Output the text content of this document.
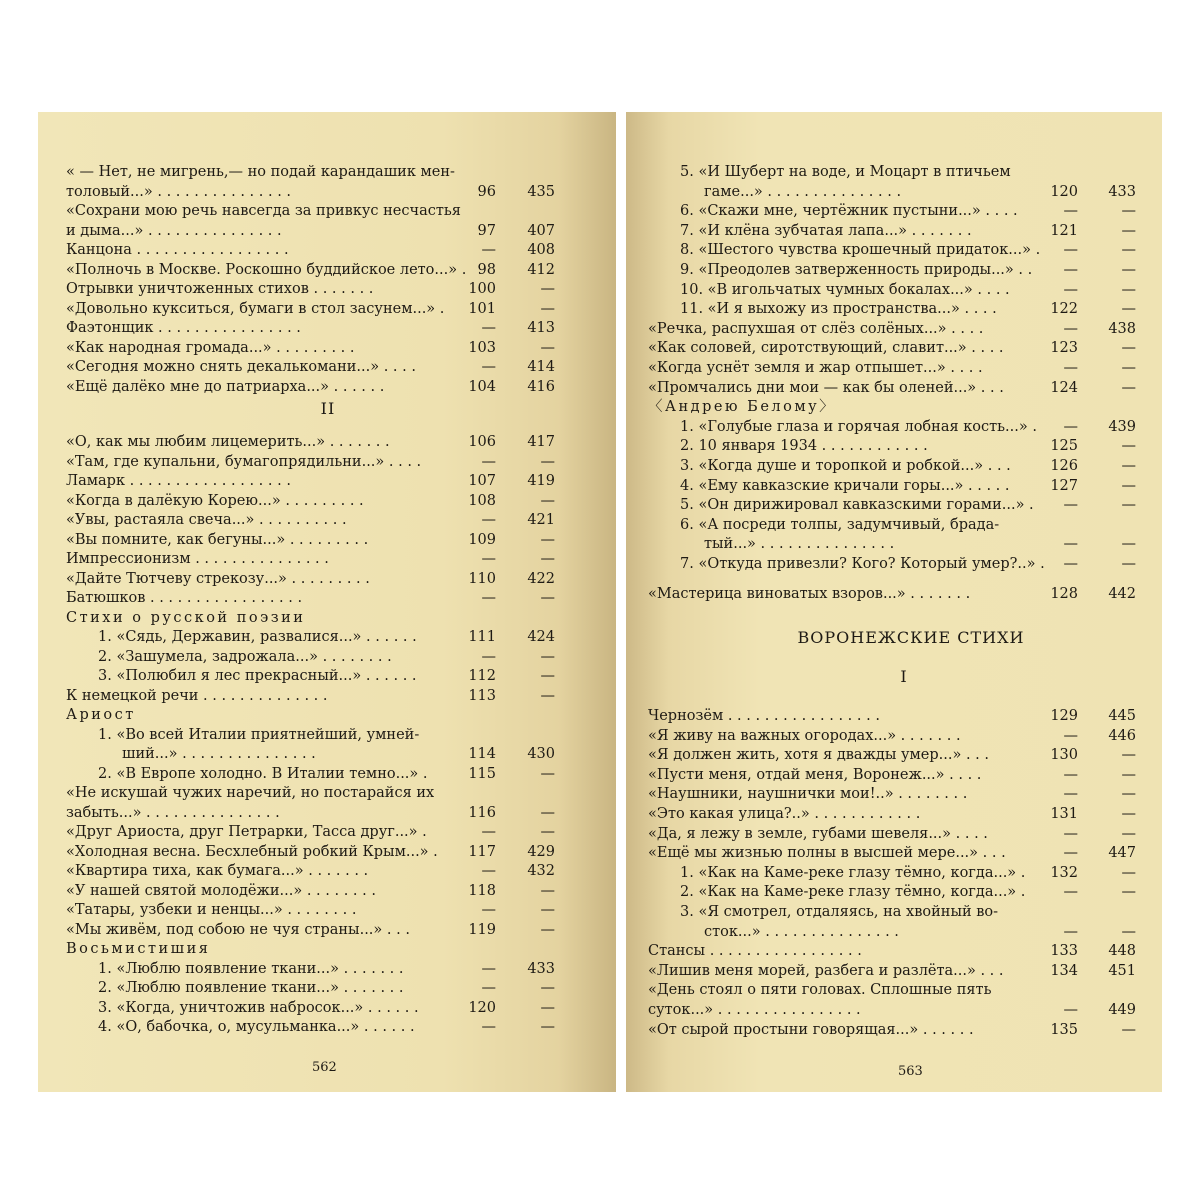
« — Нет, не мигрень,— но подай карандашик мен-
толовый...» . . . . . . . . . . . . . . .	96	435
«Сохрани мою речь навсегда за привкус несчастья
и дыма...» . . . . . . . . . . . . . . .	97	407
Канцона . . . . . . . . . . . . . . . . .	—	408
«Полночь в Москве. Роскошно буддийское лето...» . 98	412
Отрывки уничтоженных стихов . . . . . . .	100	—
«Довольно кукситься, бумаги в стол засунем...» .	101	—
Фаэтонщик . . . . . . . . . . . . . . . .	—	413
«Как народная громада...» . . . . . . . . .	103	—
«Сегодня можно снять декалькомани...» . . . .	—	414
«Ещё далёко мне до патриарха...» . . . . . .	104	416
II
«О, как мы любим лицемерить...» . . . . . . .	106	417
«Там, где купальни, бумагопрядильни...» . . . .	—	—
Ламарк . . . . . . . . . . . . . . . . . .	107	419
«Когда в далёкую Корею...» . . . . . . . . .	108	—
«Увы, растаяла свеча...» . . . . . . . . . .	—	421
«Вы помните, как бегуны...» . . . . . . . . .	109	—
Импрессионизм . . . . . . . . . . . . . . .	—	—
«Дайте Тютчеву стрекозу...» . . . . . . . . .	110	422
Батюшков . . . . . . . . . . . . . . . . .	—	—
Стихи о русской поэзии
1. «Сядь, Державин, развалися...» . . . . . .	111	424
2. «Зашумела, задрожала...» . . . . . . . .	—	—
3. «Полюбил я лес прекрасный...» . . . . . .	112	—
К немецкой речи . . . . . . . . . . . . . .	113	—
Ариост
1. «Во всей Италии приятнейший, умней-
ший...» . . . . . . . . . . . . . . .	114	430
2. «В Европе холодно. В Италии темно...» .	115	—
«Не искушай чужих наречий, но постарайся их
забыть...» . . . . . . . . . . . . . . .	116	—
«Друг Ариоста, друг Петрарки, Тасса друг...» .	—	—
«Холодная весна. Бесхлебный робкий Крым...» .	117	429
«Квартира тиха, как бумага...» . . . . . . .	—	432
«У нашей святой молодёжи...» . . . . . . . .	118	—
«Татары, узбеки и ненцы...» . . . . . . . .	—	—
«Мы живём, под собою не чуя страны...» . . .	119	—
Восьмистишия
1. «Люблю появление ткани...» . . . . . . .	—	433
2. «Люблю появление ткани...» . . . . . . .	—	—
3. «Когда, уничтожив набросок...» . . . . . .	120	—
4. «О, бабочка, о, мусульманка...» . . . . . .	—	—
562
5. «И Шуберт на воде, и Моцарт в птичьем
гаме...» . . . . . . . . . . . . . . .	120	433
6. «Скажи мне, чертёжник пустыни...» . . . .	—	—
7. «И клёна зубчатая лапа...» . . . . . . .	121	—
8. «Шестого чувства крошечный придаток...» .	—	—
9. «Преодолев затверженность природы...» . .	—	—
10. «В игольчатых чумных бокалах...» . . . .	—	—
11. «И я выхожу из пространства...» . . . .	122	—
«Речка, распухшая от слёз солёных...» . . . .	—	438
«Как соловей, сиротствующий, славит...» . . . .	123	—
«Когда уснёт земля и жар отпышет...» . . . .	—	—
«Промчались дни мои — как бы оленей...» . . .	124	—
〈Андрею Белому〉
1. «Голубые глаза и горячая лобная кость...» .	—	439
2. 10 января 1934 . . . . . . . . . . . .	125	—
3. «Когда душе и торопкой и робкой...» . . .	126	—
4. «Ему кавказские кричали горы...» . . . . .	127	—
5. «Он дирижировал кавказскими горами...» .	—	—
6. «А посреди толпы, задумчивый, брада-
тый...» . . . . . . . . . . . . . . .	—	—
7. «Откуда привезли? Кого? Который умер?..» .	—	—
«Мастерица виноватых взоров...» . . . . . . .	128	442
ВОРОНЕЖСКИЕ СТИХИ
I
Чернозём . . . . . . . . . . . . . . . . .	129	445
«Я живу на важных огородах...» . . . . . . .	—	446
«Я должен жить, хотя я дважды умер...» . . .	130	—
«Пусти меня, отдай меня, Воронеж...» . . . .	—	—
«Наушники, наушнички мои!..» . . . . . . . .	—	—
«Это какая улица?..» . . . . . . . . . . . .	131	—
«Да, я лежу в земле, губами шевеля...» . . . .	—	—
«Ещё мы жизнью полны в высшей мере...» . . .	—	447
1. «Как на Каме-реке глазу тёмно, когда...» .	132	—
2. «Как на Каме-реке глазу тёмно, когда...» .	—	—
3. «Я смотрел, отдаляясь, на хвойный во-
сток...» . . . . . . . . . . . . . . .	—	—
Стансы . . . . . . . . . . . . . . . . .	133	448
«Лишив меня морей, разбега и разлёта...» . . .	134	451
«День стоял о пяти головах. Сплошные пять
суток...» . . . . . . . . . . . . . . . .	—	449
«От сырой простыни говорящая...» . . . . . .	135	—
563
